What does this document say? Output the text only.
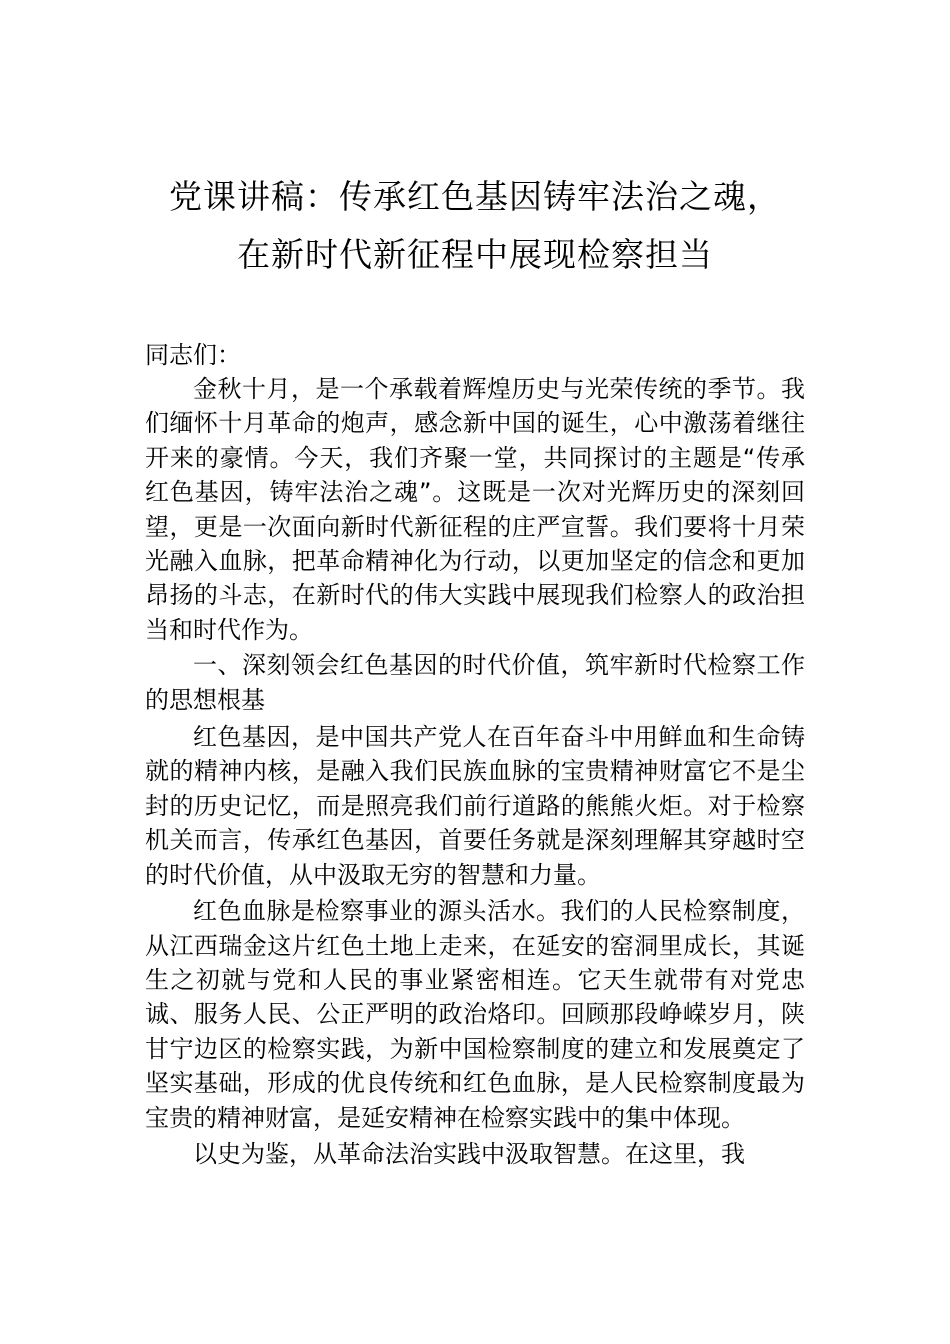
党课讲稿：传承红色基因铸牢法治之魂，
在新时代新征程中展现检察担当

同志们：

金秋十月，是一个承载着辉煌历史与光荣传统的季节。我们缅怀十月革命的炮声，感念新中国的诞生，心中激荡着继往开来的豪情。今天，我们齐聚一堂，共同探讨的主题是“传承红色基因，铸牢法治之魂”。这既是一次对光辉历史的深刻回望，更是一次面向新时代新征程的庄严宣誓。我们要将十月荣光融入血脉，把革命精神化为行动，以更加坚定的信念和更加昂扬的斗志，在新时代的伟大实践中展现我们检察人的政治担当和时代作为。

一、深刻领会红色基因的时代价值，筑牢新时代检察工作的思想根基

红色基因，是中国共产党人在百年奋斗中用鲜血和生命铸就的精神内核，是融入我们民族血脉的宝贵精神财富它不是尘封的历史记忆，而是照亮我们前行道路的熊熊火炬。对于检察机关而言，传承红色基因，首要任务就是深刻理解其穿越时空的时代价值，从中汲取无穷的智慧和力量。

红色血脉是检察事业的源头活水。我们的人民检察制度，从江西瑞金这片红色土地上走来，在延安的窑洞里成长，其诞生之初就与党和人民的事业紧密相连。它天生就带有对党忠诚、服务人民、公正严明的政治烙印。回顾那段峥嵘岁月，陕甘宁边区的检察实践，为新中国检察制度的建立和发展奠定了坚实基础，形成的优良传统和红色血脉，是人民检察制度最为宝贵的精神财富，是延安精神在检察实践中的集中体现。

以史为鉴，从革命法治实践中汲取智慧。在这里，我
